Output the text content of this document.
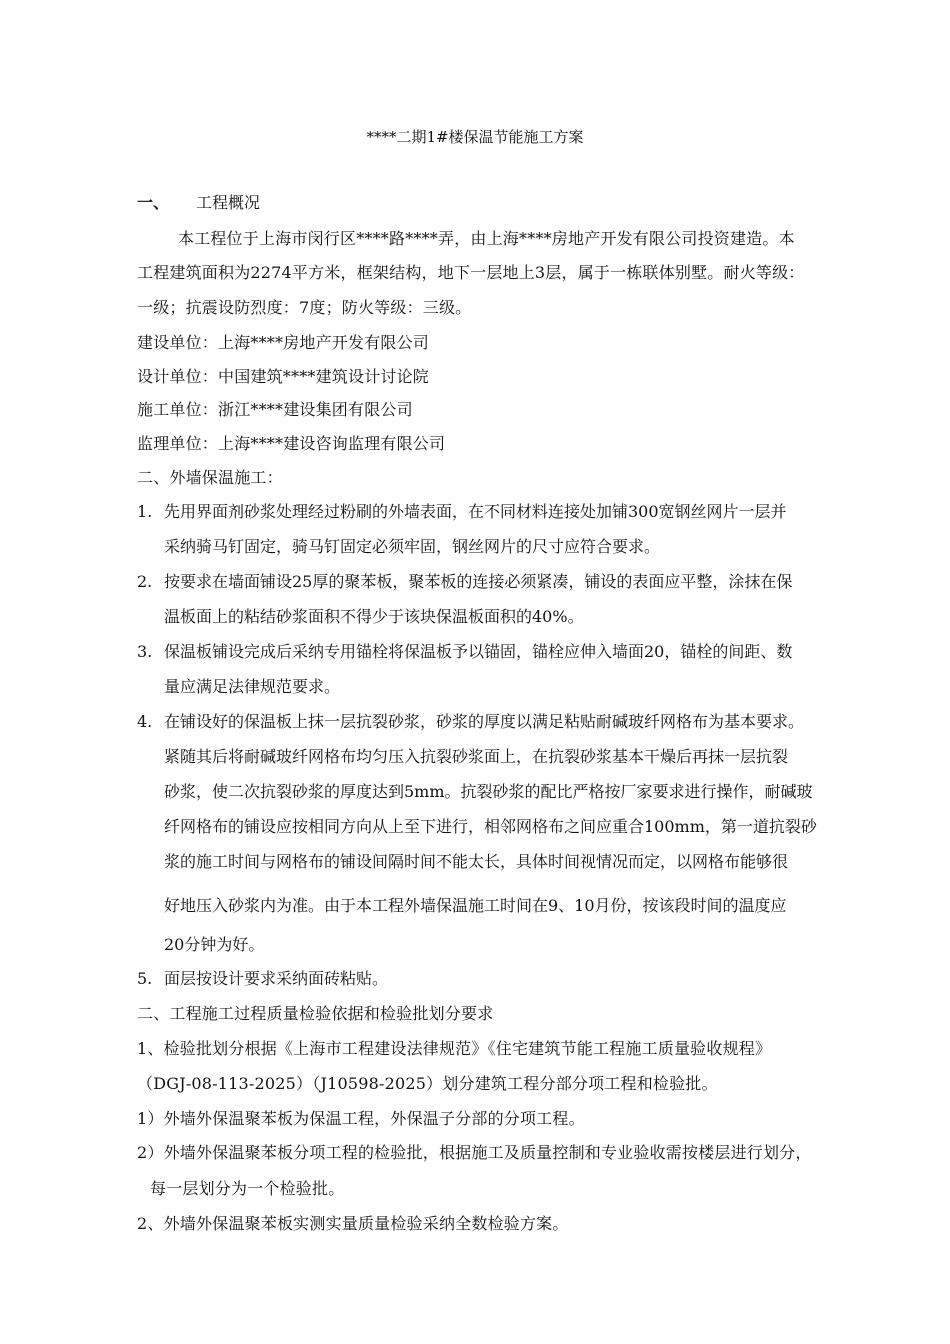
****二期1#楼保温节能施工方案
一、 工程概况
本工程位于上海市闵行区****路****弄，由上海****房地产开发有限公司投资建造。本
工程建筑面积为2274平方米，框架结构，地下一层地上3层，属于一栋联体别墅。耐火等级：
一级；抗震设防烈度：7度；防火等级：三级。
建设单位：上海****房地产开发有限公司
设计单位：中国建筑****建筑设计讨论院
施工单位：浙江****建设集团有限公司
监理单位：上海****建设咨询监理有限公司
二、外墙保温施工：
1. 先用界面剂砂浆处理经过粉刷的外墙表面，在不同材料连接处加铺300宽钢丝网片一层并
采纳骑马钉固定，骑马钉固定必须牢固，钢丝网片的尺寸应符合要求。
2. 按要求在墙面铺设25厚的聚苯板，聚苯板的连接必须紧凑，铺设的表面应平整，涂抹在保
温板面上的粘结砂浆面积不得少于该块保温板面积的40%。
3. 保温板铺设完成后采纳专用锚栓将保温板予以锚固，锚栓应伸入墙面20，锚栓的间距、数
量应满足法律规范要求。
4. 在铺设好的保温板上抹一层抗裂砂浆，砂浆的厚度以满足粘贴耐碱玻纤网格布为基本要求。
紧随其后将耐碱玻纤网格布均匀压入抗裂砂浆面上，在抗裂砂浆基本干燥后再抹一层抗裂
砂浆，使二次抗裂砂浆的厚度达到5mm。抗裂砂浆的配比严格按厂家要求进行操作，耐碱玻
纤网格布的铺设应按相同方向从上至下进行，相邻网格布之间应重合100mm，第一道抗裂砂
浆的施工时间与网格布的铺设间隔时间不能太长，具体时间视情况而定，以网格布能够很
好地压入砂浆内为准。由于本工程外墙保温施工时间在9、10月份，按该段时间的温度应
20分钟为好。
5. 面层按设计要求采纳面砖粘贴。
二、工程施工过程质量检验依据和检验批划分要求
1、检验批划分根据《上海市工程建设法律规范》《住宅建筑节能工程施工质量验收规程》
（DGJ-08-113-2025）（J10598-2025）划分建筑工程分部分项工程和检验批。
1）外墙外保温聚苯板为保温工程，外保温子分部的分项工程。
2）外墙外保温聚苯板分项工程的检验批，根据施工及质量控制和专业验收需按楼层进行划分，
每一层划分为一个检验批。
2、外墙外保温聚苯板实测实量质量检验采纳全数检验方案。
